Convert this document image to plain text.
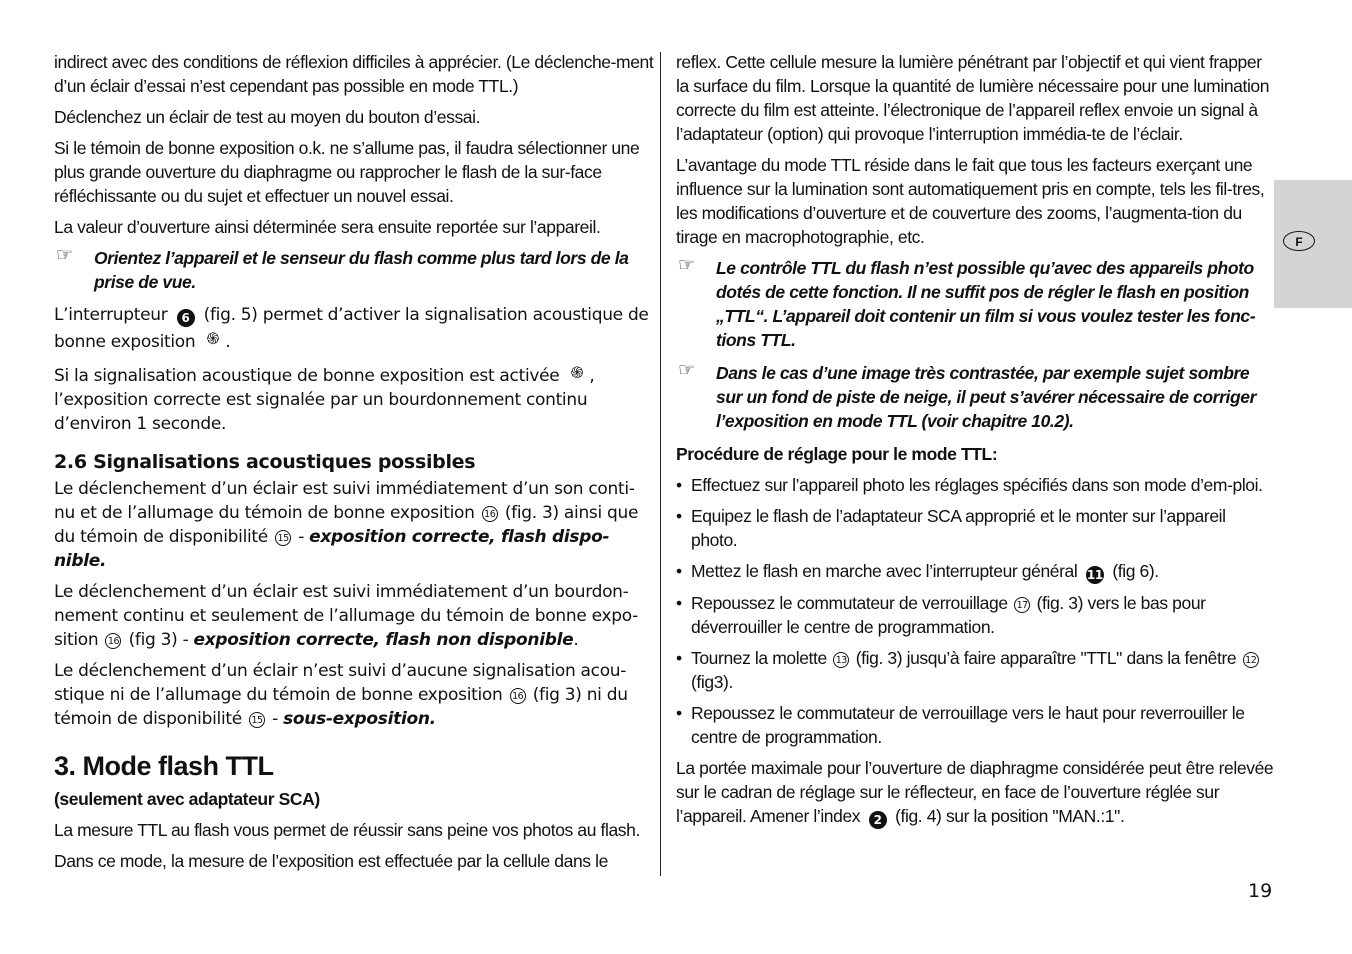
indirect avec des conditions de réflexion difficiles à apprécier. (Le déclenche-ment d’un éclair d’essai n’est cependant pas possible en mode TTL.)

Déclenchez un éclair de test au moyen du bouton d’essai.

Si le témoin de bonne exposition o.k. ne s’allume pas, il faudra sélectionner une plus grande ouverture du diaphragme ou rapprocher le flash de la sur-face réfléchissante ou du sujet et effectuer un nouvel essai.

La valeur d’ouverture ainsi déterminée sera ensuite reportée sur l’appareil.

☞ Orientez l’appareil et le senseur du flash comme plus tard lors de la prise de vue.

L’interrupteur 6 (fig. 5) permet d’activer la signalisation acoustique de bonne exposition ֍ .

Si la signalisation acoustique de bonne exposition est activée ֍ , l’exposition correcte est signalée par un bourdonnement continu d’environ 1 seconde.

2.6 Signalisations acoustiques possibles

Le déclenchement d’un éclair est suivi immédiatement d’un son conti-nu et de l’allumage du témoin de bonne exposition 16 (fig. 3) ainsi que du témoin de disponibilité 15 - exposition correcte, flash dispo-nible.

Le déclenchement d’un éclair est suivi immédiatement d’un bourdon-nement continu et seulement de l’allumage du témoin de bonne expo-sition 16 (fig 3) - exposition correcte, flash non disponible.

Le déclenchement d’un éclair n’est suivi d’aucune signalisation acou-stique ni de l’allumage du témoin de bonne exposition 16 (fig 3) ni du témoin de disponibilité 15 - sous-exposition.

3. Mode flash TTL

(seulement avec adaptateur SCA)

La mesure TTL au flash vous permet de réussir sans peine vos photos au flash.

Dans ce mode, la mesure de l’exposition est effectuée par la cellule dans le

reflex. Cette cellule mesure la lumière pénétrant par l’objectif et qui vient frapper la surface du film. Lorsque la quantité de lumière nécessaire pour une lumination correcte du film est atteinte. l’électronique de l’appareil reflex envoie un signal à l’adaptateur (option) qui provoque l’interruption immédia-te de l’éclair.

L’avantage du mode TTL réside dans le fait que tous les facteurs exerçant une influence sur la lumination sont automatiquement pris en compte, tels les fil-tres, les modifications d’ouverture et de couverture des zooms, l’augmenta-tion du tirage en macrophotographie, etc.

☞ Le contrôle TTL du flash n’est possible qu’avec des appareils photo dotés de cette fonction. Il ne suffit pos de régler le flash en position „TTL“. L’appareil doit contenir un film si vous voulez tester les fonc-tions TTL.
☞ Dans le cas d’une image très contrastée, par exemple sujet sombre sur un fond de piste de neige, il peut s’avérer nécessaire de corriger l’exposition en mode TTL (voir chapitre 10.2).

Procédure de réglage pour le mode TTL:

• Effectuez sur l’appareil photo les réglages spécifiés dans son mode d’em-ploi.
• Equipez le flash de l’adaptateur SCA approprié et le monter sur l’appareil photo.
• Mettez le flash en marche avec l’interrupteur général 11 (fig 6).
• Repoussez le commutateur de verrouillage 17 (fig. 3) vers le bas pour déverrouiller le centre de programmation.
• Tournez la molette 13 (fig. 3) jusqu’à faire apparaître "TTL" dans la fenêtre 12 (fig3).
• Repoussez le commutateur de verrouillage vers le haut pour reverrouiller le centre de programmation.

La portée maximale pour l’ouverture de diaphragme considérée peut être relevée sur le cadran de réglage sur le réflecteur, en face de l’ouverture réglée sur l’appareil. Amener l’index 2 (fig. 4) sur la position "MAN.:1".

F
19
